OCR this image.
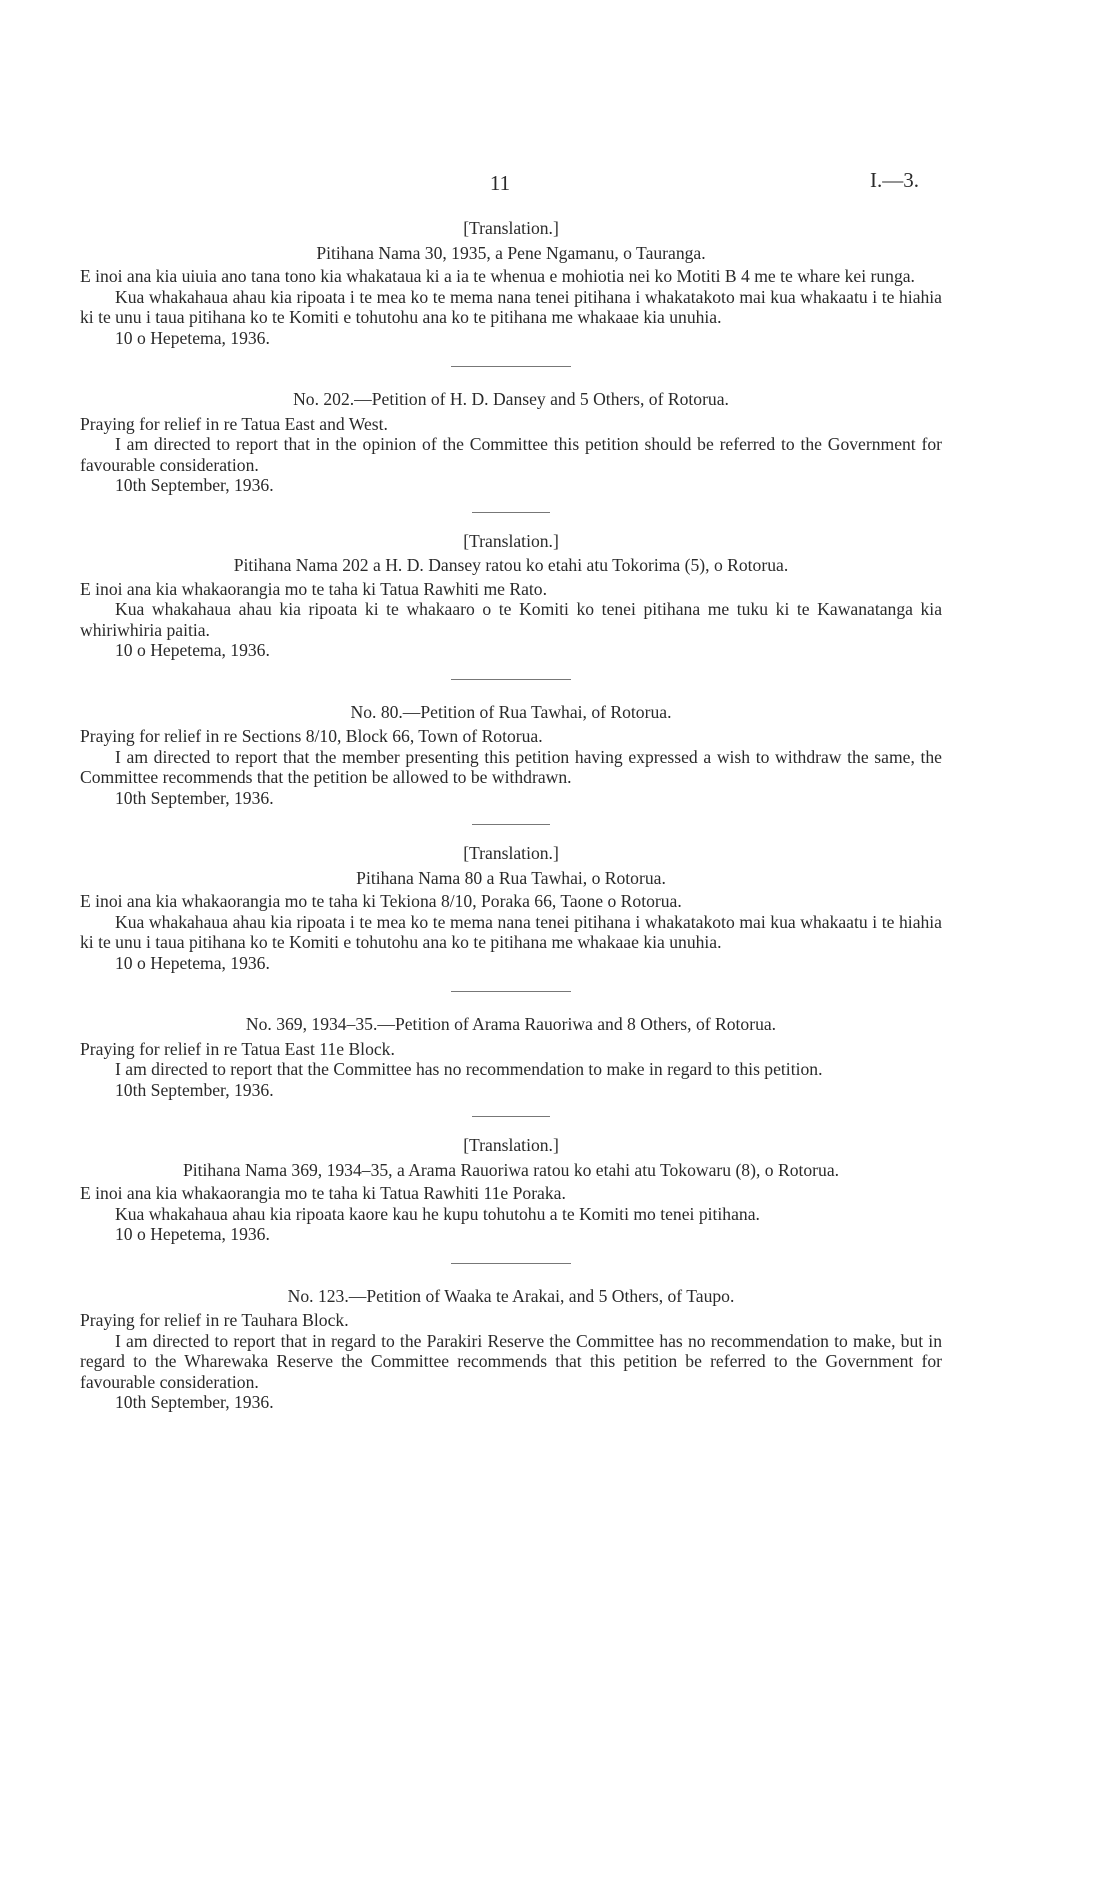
11	I.—3.

[Translation.]

Pitihana Nama 30, 1935, a Pene Ngamanu, o Tauranga.

E inoi ana kia uiuia ano tana tono kia whakataua ki a ia te whenua e mohiotia nei ko Motiti B 4 me te whare kei runga.

Kua whakahaua ahau kia ripoata i te mea ko te mema nana tenei pitihana i whakatakoto mai kua whakaatu i te hiahia ki te unu i taua pitihana ko te Komiti e tohutohu ana ko te pitihana me whakaae kia unuhia.

10 o Hepetema, 1936.

No. 202.—Petition of H. D. Dansey and 5 Others, of Rotorua.

Praying for relief in re Tatua East and West.

I am directed to report that in the opinion of the Committee this petition should be referred to the Government for favourable consideration.

10th September, 1936.

[Translation.]

Pitihana Nama 202 a H. D. Dansey ratou ko etahi atu Tokorima (5), o Rotorua.

E inoi ana kia whakaorangia mo te taha ki Tatua Rawhiti me Rato.

Kua whakahaua ahau kia ripoata ki te whakaaro o te Komiti ko tenei pitihana me tuku ki te Kawanatanga kia whiriwhiria paitia.

10 o Hepetema, 1936.

No. 80.—Petition of Rua Tawhai, of Rotorua.

Praying for relief in re Sections 8/10, Block 66, Town of Rotorua.

I am directed to report that the member presenting this petition having expressed a wish to withdraw the same, the Committee recommends that the petition be allowed to be withdrawn.

10th September, 1936.

[Translation.]

Pitihana Nama 80 a Rua Tawhai, o Rotorua.

E inoi ana kia whakaorangia mo te taha ki Tekiona 8/10, Poraka 66, Taone o Rotorua.

Kua whakahaua ahau kia ripoata i te mea ko te mema nana tenei pitihana i whakatakoto mai kua whakaatu i te hiahia ki te unu i taua pitihana ko te Komiti e tohutohu ana ko te pitihana me whakaae kia unuhia.

10 o Hepetema, 1936.

No. 369, 1934–35.—Petition of Arama Rauoriwa and 8 Others, of Rotorua.

Praying for relief in re Tatua East 11e Block.

I am directed to report that the Committee has no recommendation to make in regard to this petition.

10th September, 1936.

[Translation.]

Pitihana Nama 369, 1934–35, a Arama Rauoriwa ratou ko etahi atu Tokowaru (8), o Rotorua.

E inoi ana kia whakaorangia mo te taha ki Tatua Rawhiti 11e Poraka.

Kua whakahaua ahau kia ripoata kaore kau he kupu tohutohu a te Komiti mo tenei pitihana.

10 o Hepetema, 1936.

No. 123.—Petition of Waaka te Arakai, and 5 Others, of Taupo.

Praying for relief in re Tauhara Block.

I am directed to report that in regard to the Parakiri Reserve the Committee has no recommendation to make, but in regard to the Wharewaka Reserve the Committee recommends that this petition be referred to the Government for favourable consideration.

10th September, 1936.
